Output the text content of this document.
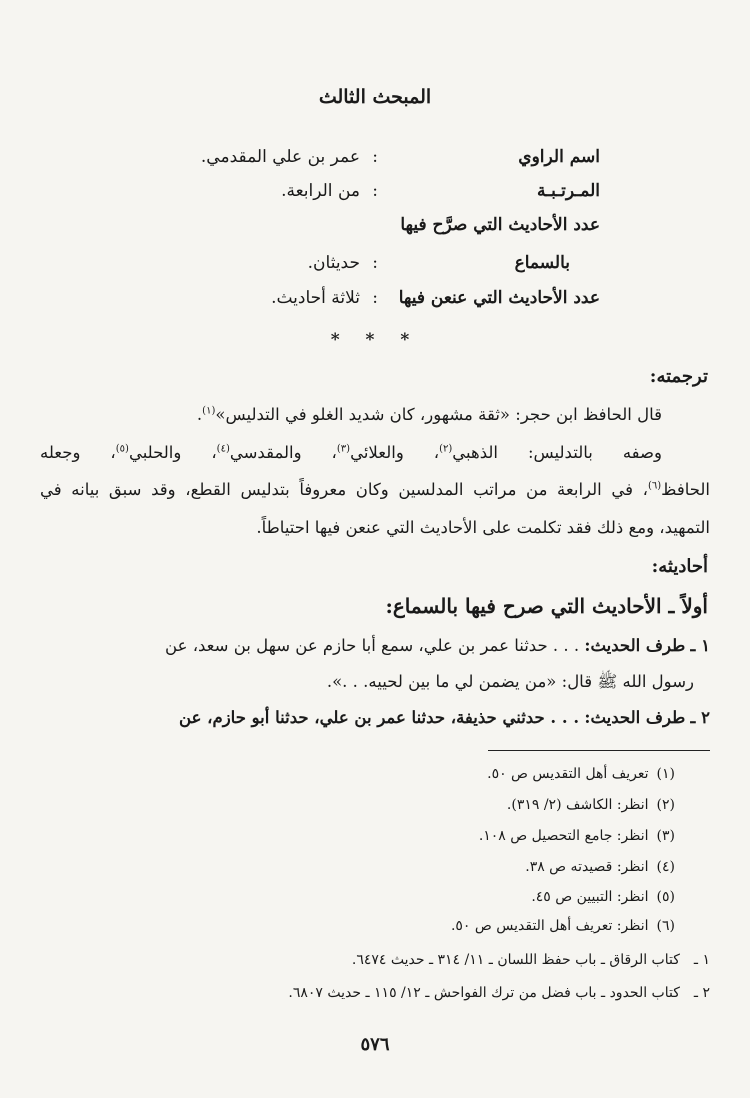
المبحث الثالث
اسم الراوي
:
عمر بن علي المقدمي.
المـرتـبـة
:
من الرابعة.
عدد الأحاديث التي صرَّح فيها
بالسماع
:
حديثان.
عدد الأحاديث التي عنعن فيها
:
ثلاثة أحاديث.
* * *
ترجمته:
قال الحافظ ابن حجر: «ثقة مشهور، كان شديد الغلو في التدليس»$^{(١)}$.
وصفه بالتدليس: الذهبي$^{(٢)}$، والعلائي$^{(٣)}$، والمقدسي$^{(٤)}$، والحلبي$^{(٥)}$، وجعله
الحافظ$^{(٦)}$، في الرابعة من مراتب المدلسين وكان معروفاً بتدليس القطع، وقد سبق بيانه في
التمهيد، ومع ذلك فقد تكلمت على الأحاديث التي عنعن فيها احتياطاً.
أحاديثه:
أولاً ـ الأحاديث التي صرح فيها بالسماع:
١ ـ طرف الحديث: . . . حدثنا عمر بن علي، سمع أبا حازم عن سهل بن سعد، عن
رسول الله ﷺ قال: «من يضمن لي ما بين لحييه. . .».
٢ ـ طرف الحديث: . . . حدثني حذيفة، حدثنا عمر بن علي، حدثنا أبو حازم، عن
(١)تعريف أهل التقديس ص ٥٠.
(٢)انظر: الكاشف (٢/ ٣١٩).
(٣)انظر: جامع التحصيل ص ١٠٨.
(٤)انظر: قصيدته ص ٣٨.
(٥)انظر: التبيين ص ٤٥.
(٦)انظر: تعريف أهل التقديس ص ٥٠.
١ ـكتاب الرقاق ـ باب حفظ اللسان ـ ١١/ ٣١٤ ـ حديث ٦٤٧٤.
٢ ـكتاب الحدود ـ باب فضل من ترك الفواحش ـ ١٢/ ١١٥ ـ حديث ٦٨٠٧.
٥٧٦
